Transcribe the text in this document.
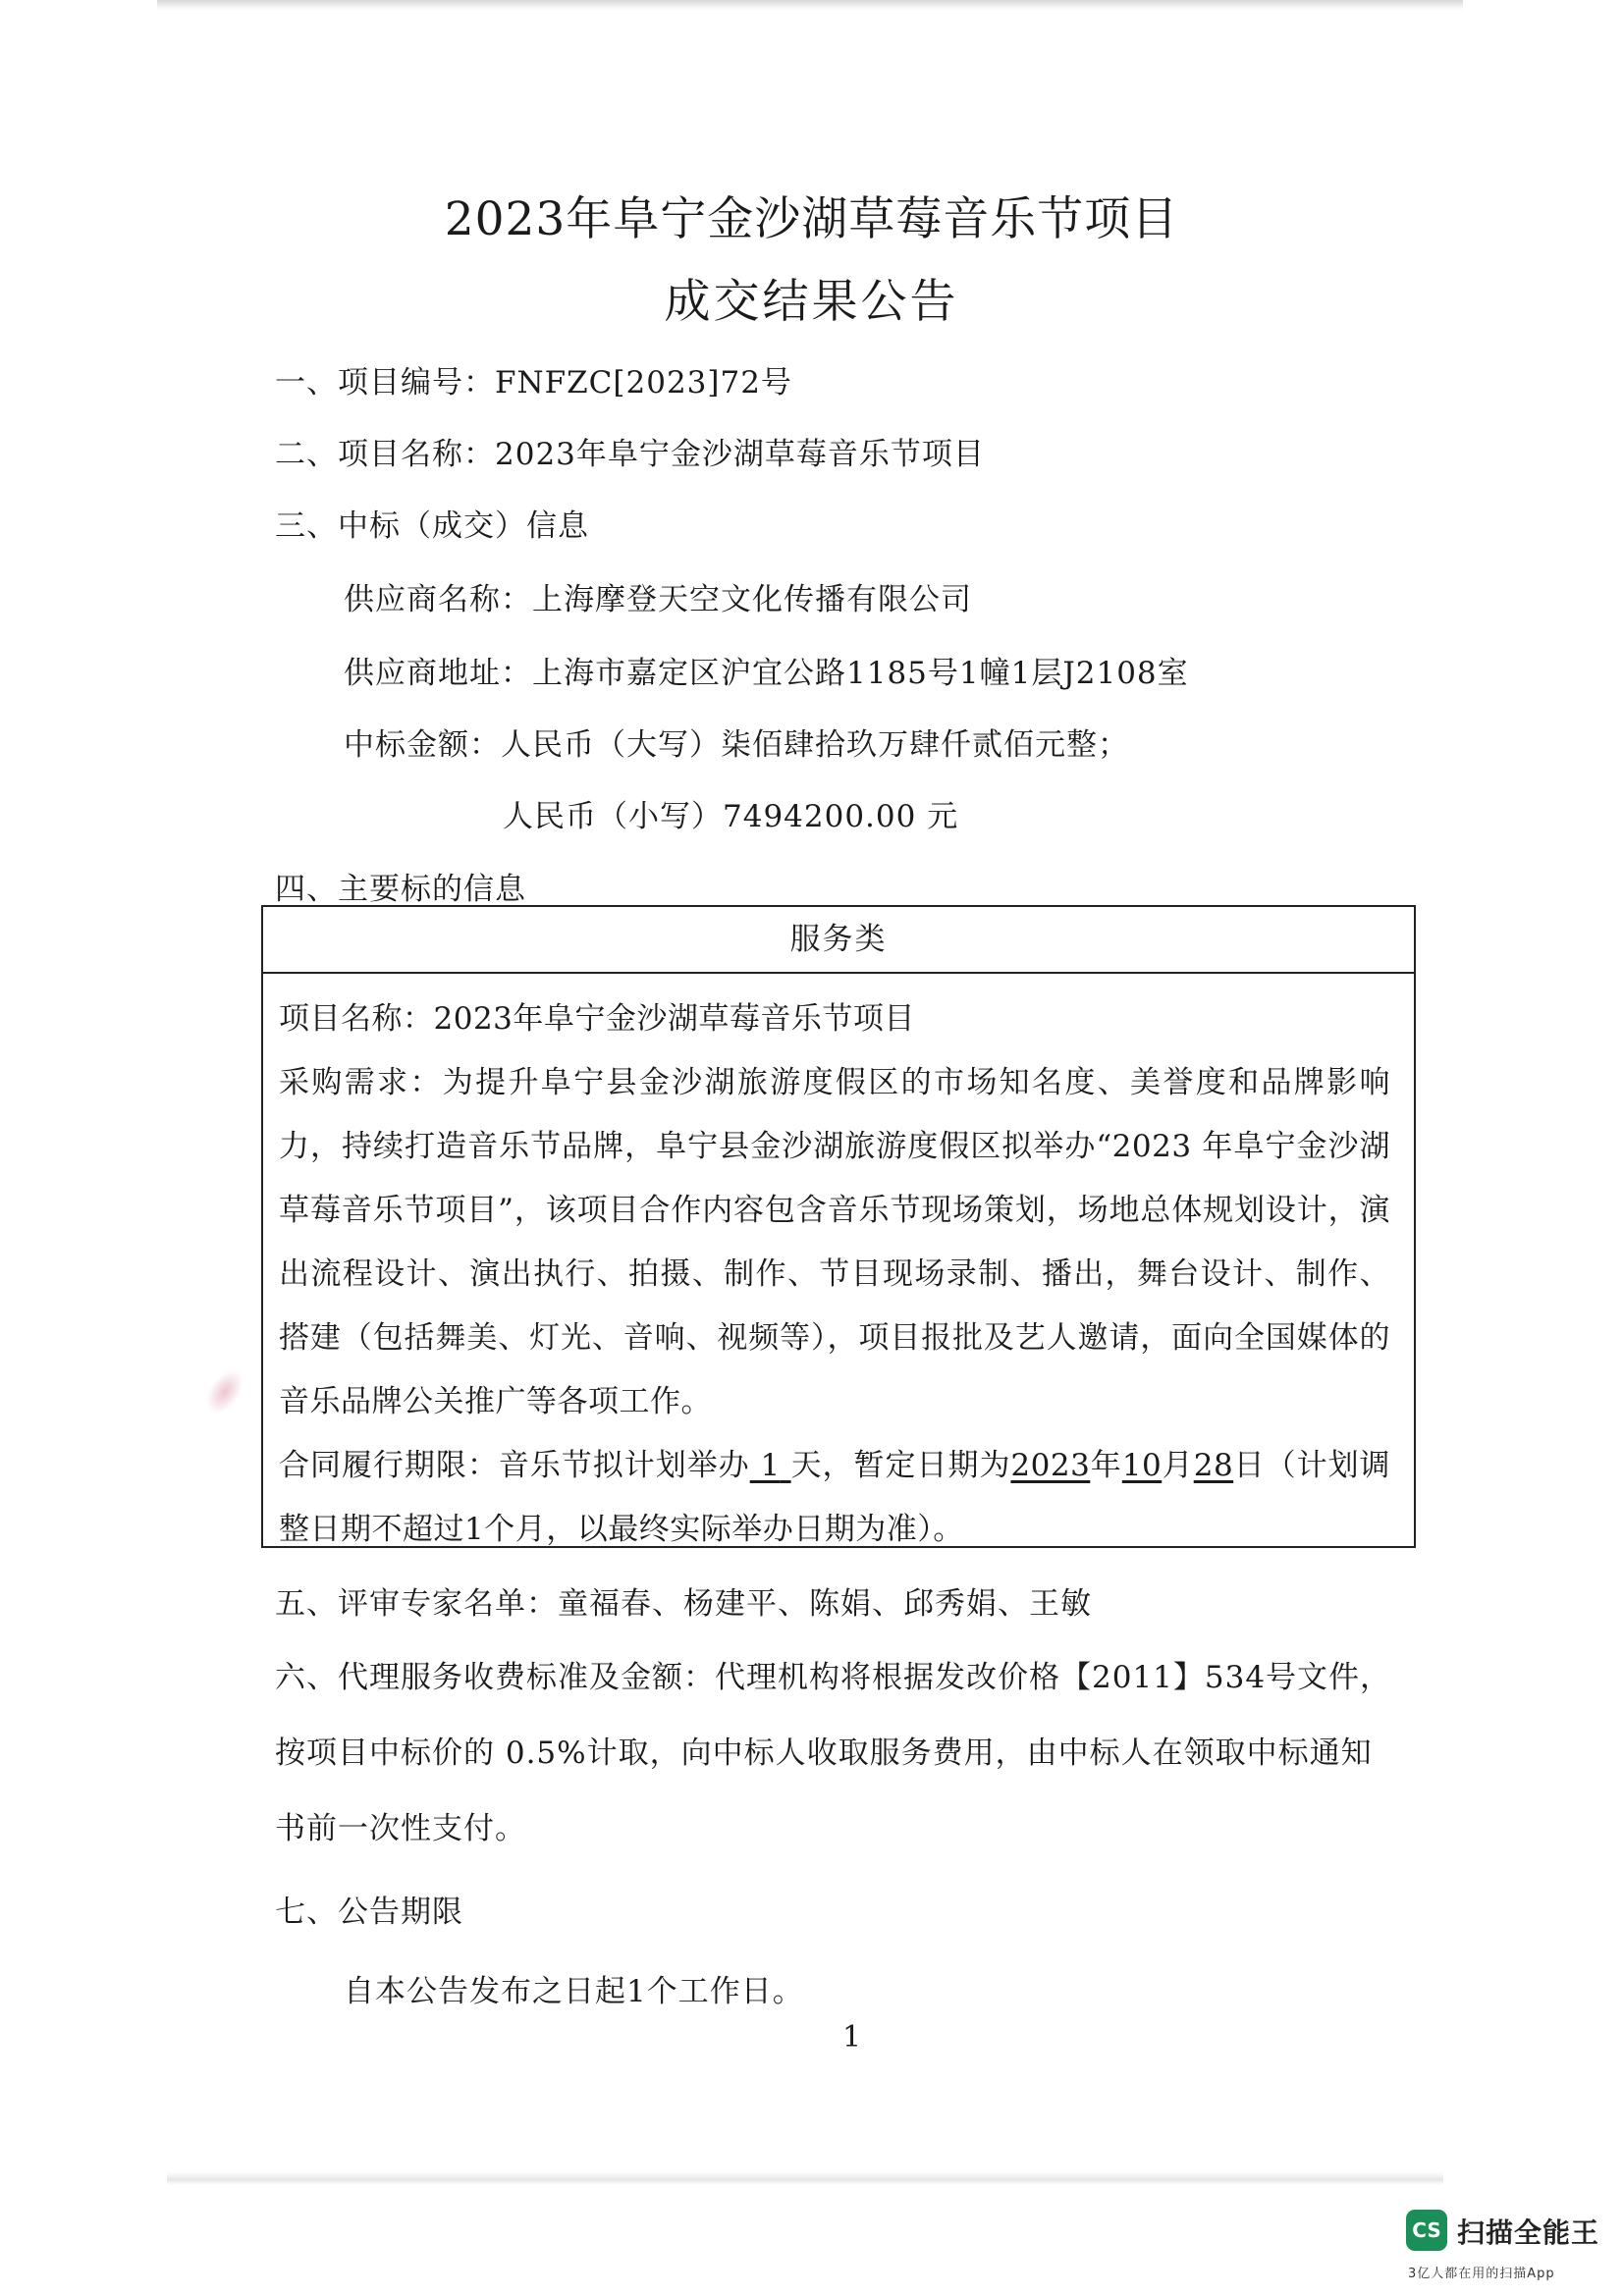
2023年阜宁金沙湖草莓音乐节项目
成交结果公告
一、项目编号：FNFZC[2023]72号
二、项目名称：2023年阜宁金沙湖草莓音乐节项目
三、中标（成交）信息
供应商名称：上海摩登天空文化传播有限公司
供应商地址：上海市嘉定区沪宜公路1185号1幢1层J2108室
中标金额：人民币（大写）柒佰肆拾玖万肆仟贰佰元整；
人民币（小写）7494200.00 元
四、主要标的信息
服务类

项目名称：2023年阜宁金沙湖草莓音乐节项目

采购需求：为提升阜宁县金沙湖旅游度假区的市场知名度、美誉度和品牌影响力，持续打造音乐节品牌，阜宁县金沙湖旅游度假区拟举办“2023 年阜宁金沙湖草莓音乐节项目”，该项目合作内容包含音乐节现场策划，场地总体规划设计，演出流程设计、演出执行、拍摄、制作、节目现场录制、播出，舞台设计、制作、搭建（包括舞美、灯光、音响、视频等），项目报批及艺人邀请，面向全国媒体的音乐品牌公关推广等各项工作。

合同履行期限：音乐节拟计划举办 1 天，暂定日期为2023年10月28日（计划调整日期不超过1个月，以最终实际举办日期为准）。

五、评审专家名单：童福春、杨建平、陈娟、邱秀娟、王敏
六、代理服务收费标准及金额：代理机构将根据发改价格【2011】534号文件，
按项目中标价的 0.5%计取，向中标人收取服务费用，由中标人在领取中标通知
书前一次性支付。
七、公告期限
自本公告发布之日起1个工作日。
1
CS 扫描全能王
3亿人都在用的扫描App
